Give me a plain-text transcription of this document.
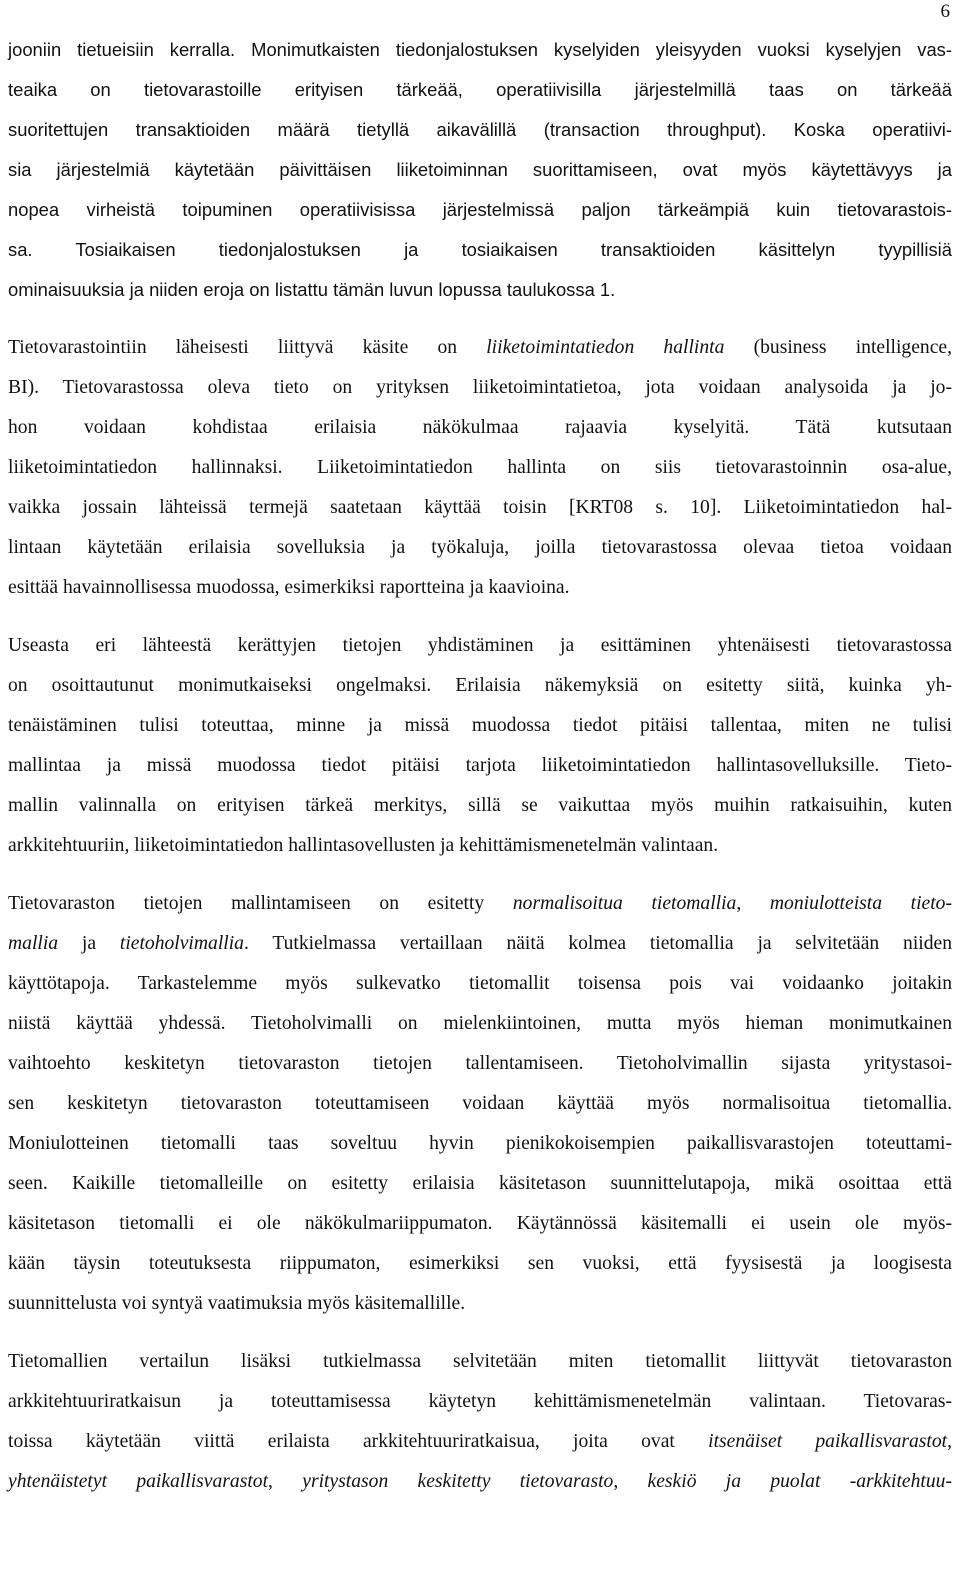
6
jooniin tietueisiin kerralla. Monimutkaisten tiedonjalostuksen kyselyiden yleisyyden vuoksi kyselyjen vas-
teaika on tietovarastoille erityisen tärkeää, operatiivisilla järjestelmillä taas on tärkeää
suoritettujen transaktioiden määrä tietyllä aikavälillä (transaction throughput). Koska operatiivi-
sia järjestelmiä käytetään päivittäisen liiketoiminnan suorittamiseen, ovat myös käytettävyys ja
nopea virheistä toipuminen operatiivisissa järjestelmissä paljon tärkeämpiä kuin tietovarastois-
sa. Tosiaikaisen tiedonjalostuksen ja tosiaikaisen transaktioiden käsittelyn tyypillisiä
ominaisuuksia ja niiden eroja on listattu tämän luvun lopussa taulukossa 1.
Tietovarastointiin läheisesti liittyvä käsite on liiketoimintatiedon hallinta (business intelligence,
BI). Tietovarastossa oleva tieto on yrityksen liiketoimintatietoa, jota voidaan analysoida ja jo-
hon voidaan kohdistaa erilaisia näkökulmaa rajaavia kyselyitä. Tätä kutsutaan
liiketoimintatiedon hallinnaksi. Liiketoimintatiedon hallinta on siis tietovarastoinnin osa-alue,
vaikka jossain lähteissä termejä saatetaan käyttää toisin [KRT08 s. 10]. Liiketoimintatiedon hal-
lintaan käytetään erilaisia sovelluksia ja työkaluja, joilla tietovarastossa olevaa tietoa voidaan
esittää havainnollisessa muodossa, esimerkiksi raportteina ja kaavioina.
Useasta eri lähteestä kerättyjen tietojen yhdistäminen ja esittäminen yhtenäisesti tietovarastossa
on osoittautunut monimutkaiseksi ongelmaksi. Erilaisia näkemyksiä on esitetty siitä, kuinka yh-
tenäistäminen tulisi toteuttaa, minne ja missä muodossa tiedot pitäisi tallentaa, miten ne tulisi
mallintaa ja missä muodossa tiedot pitäisi tarjota liiketoimintatiedon hallintasovelluksille. Tieto-
mallin valinnalla on erityisen tärkeä merkitys, sillä se vaikuttaa myös muihin ratkaisuihin, kuten
arkkitehtuuriin, liiketoimintatiedon hallintasovellusten ja kehittämismenetelmän valintaan.
Tietovaraston tietojen mallintamiseen on esitetty normalisoitua tietomallia, moniulotteista tieto-
mallia ja tietoholvimallia. Tutkielmassa vertaillaan näitä kolmea tietomallia ja selvitetään niiden
käyttötapoja. Tarkastelemme myös sulkevatko tietomallit toisensa pois vai voidaanko joitakin
niistä käyttää yhdessä. Tietoholvimalli on mielenkiintoinen, mutta myös hieman monimutkainen
vaihtoehto keskitetyn tietovaraston tietojen tallentamiseen. Tietoholvimallin sijasta yritystasoi-
sen keskitetyn tietovaraston toteuttamiseen voidaan käyttää myös normalisoitua tietomallia.
Moniulotteinen tietomalli taas soveltuu hyvin pienikokoisempien paikallisvarastojen toteuttami-
seen. Kaikille tietomalleille on esitetty erilaisia käsitetason suunnittelutapoja, mikä osoittaa että
käsitetason tietomalli ei ole näkökulmariippumaton. Käytännössä käsitemalli ei usein ole myös-
kään täysin toteutuksesta riippumaton, esimerkiksi sen vuoksi, että fyysisestä ja loogisesta
suunnittelusta voi syntyä vaatimuksia myös käsitemallille.
Tietomallien vertailun lisäksi tutkielmassa selvitetään miten tietomallit liittyvät tietovaraston
arkkitehtuuriratkaisun ja toteuttamisessa käytetyn kehittämismenetelmän valintaan. Tietovaras-
toissa käytetään viittä erilaista arkkitehtuuriratkaisua, joita ovat itsenäiset paikallisvarastot,
yhtenäistetyt paikallisvarastot, yritystason keskitetty tietovarasto, keskiö ja puolat -arkkitehtuu-
